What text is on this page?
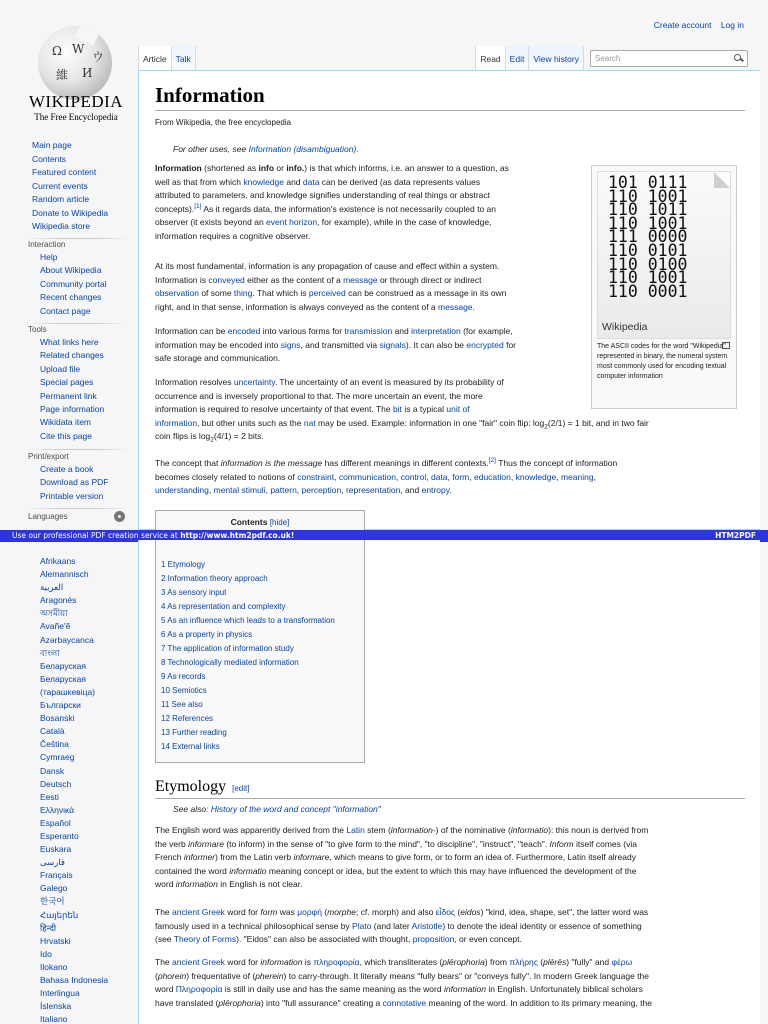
Create account Log in
Ω W
維 И
ウ
WIKIPEDIA
The Free Encyclopedia
Main page
Contents
Featured content
Current events
Random article
Donate to Wikipedia
Wikipedia store
Interaction
Help
About Wikipedia
Community portal
Recent changes
Contact page
Tools
What links here
Related changes
Upload file
Special pages
Permanent link
Page information
Wikidata item
Cite this page
Print/export
Create a book
Download as PDF
Printable version
Languages
Afrikaans
Alemannisch
العربية
Aragonés
অসমীয়া
Avañe'ẽ
Azərbaycanca
বাংলা
Беларуская
Беларуская (тарашкевіца)
Български
Bosanski
Català
Čeština
Cymraeg
Dansk
Deutsch
Eesti
Ελληνικά
Español
Esperanto
Euskara
فارسی
Français
Galego
한국어
Հայերեն
हिन्दी
Hrvatski
Ido
Ilokano
Bahasa Indonesia
Interlingua
Íslenska
Italiano
Article	Talk	Read	Edit	View history	Search
Information
From Wikipedia, the free encyclopedia
For other uses, see Information (disambiguation).
Information (shortened as info or info.) is that which informs, i.e. an answer to a question, as
well as that from which knowledge and data can be derived (as data represents values
attributed to parameters, and knowledge signifies understanding of real things or abstract
concepts).[1] As it regards data, the information's existence is not necessarily coupled to an
observer (it exists beyond an event horizon, for example), while in the case of knowledge,
information requires a cognitive observer.
At its most fundamental, information is any propagation of cause and effect within a system.
Information is conveyed either as the content of a message or through direct or indirect
observation of some thing. That which is perceived can be construed as a message in its own
right, and in that sense, information is always conveyed as the content of a message.
Information can be encoded into various forms for transmission and interpretation (for example,
information may be encoded into signs, and transmitted via signals). It can also be encrypted for
safe storage and communication.
Information resolves uncertainty. The uncertainty of an event is measured by its probability of
occurrence and is inversely proportional to that. The more uncertain an event, the more
information is required to resolve uncertainty of that event. The bit is a typical unit of
information, but other units such as the nat may be used. Example: information in one "fair" coin flip: $\log_2(2/1) = 1$ bit, and in two fair
coin flips is $\log_2(4/1) = 2$ bits.
The concept that information is the message has different meanings in different contexts.[2] Thus the concept of information
becomes closely related to notions of constraint, communication, control, data, form, education, knowledge, meaning,
understanding, mental stimuli, pattern, perception, representation, and entropy.
101 0111
110 1001
110 1011
110 1001
111 0000
110 0101
110 0100
110 1001
110 0001
Wikipedia
The ASCII codes for the word "Wikipedia" represented in binary, the numeral system most commonly used for encoding textual computer information
Contents [hide]
Use our professional PDF creation service at http://www.htm2pdf.co.uk!	HTM2PDF
1 Etymology
2 Information theory approach
3 As sensory input
4 As representation and complexity
5 As an influence which leads to a transformation
6 As a property in physics
7 The application of information study
8 Technologically mediated information
9 As records
10 Semiotics
11 See also
12 References
13 Further reading
14 External links
Etymology [edit]
See also: History of the word and concept "information"
The English word was apparently derived from the Latin stem (information-) of the nominative (informatio): this noun is derived from
the verb informare (to inform) in the sense of "to give form to the mind", "to discipline", "instruct", "teach". Inform itself comes (via
French informer) from the Latin verb informare, which means to give form, or to form an idea of. Furthermore, Latin itself already
contained the word informatio meaning concept or idea, but the extent to which this may have influenced the development of the
word information in English is not clear.
The ancient Greek word for form was μορφή (morphe; cf. morph) and also εἶδος (eidos) "kind, idea, shape, set", the latter word was
famously used in a technical philosophical sense by Plato (and later Aristotle) to denote the ideal identity or essence of something
(see Theory of Forms). "Eidos" can also be associated with thought, proposition, or even concept.
The ancient Greek word for information is πληροφορία, which transliterates (plērophoria) from πλήρης (plērēs) "fully" and φέρω
(phorein) frequentative of (pherein) to carry-through. It literally means "fully bears" or "conveys fully". In modern Greek language the
word Πληροφορία is still in daily use and has the same meaning as the word information in English. Unfortunately biblical scholars
have translated (plērophoria) into "full assurance" creating a connotative meaning of the word. In addition to its primary meaning, the
